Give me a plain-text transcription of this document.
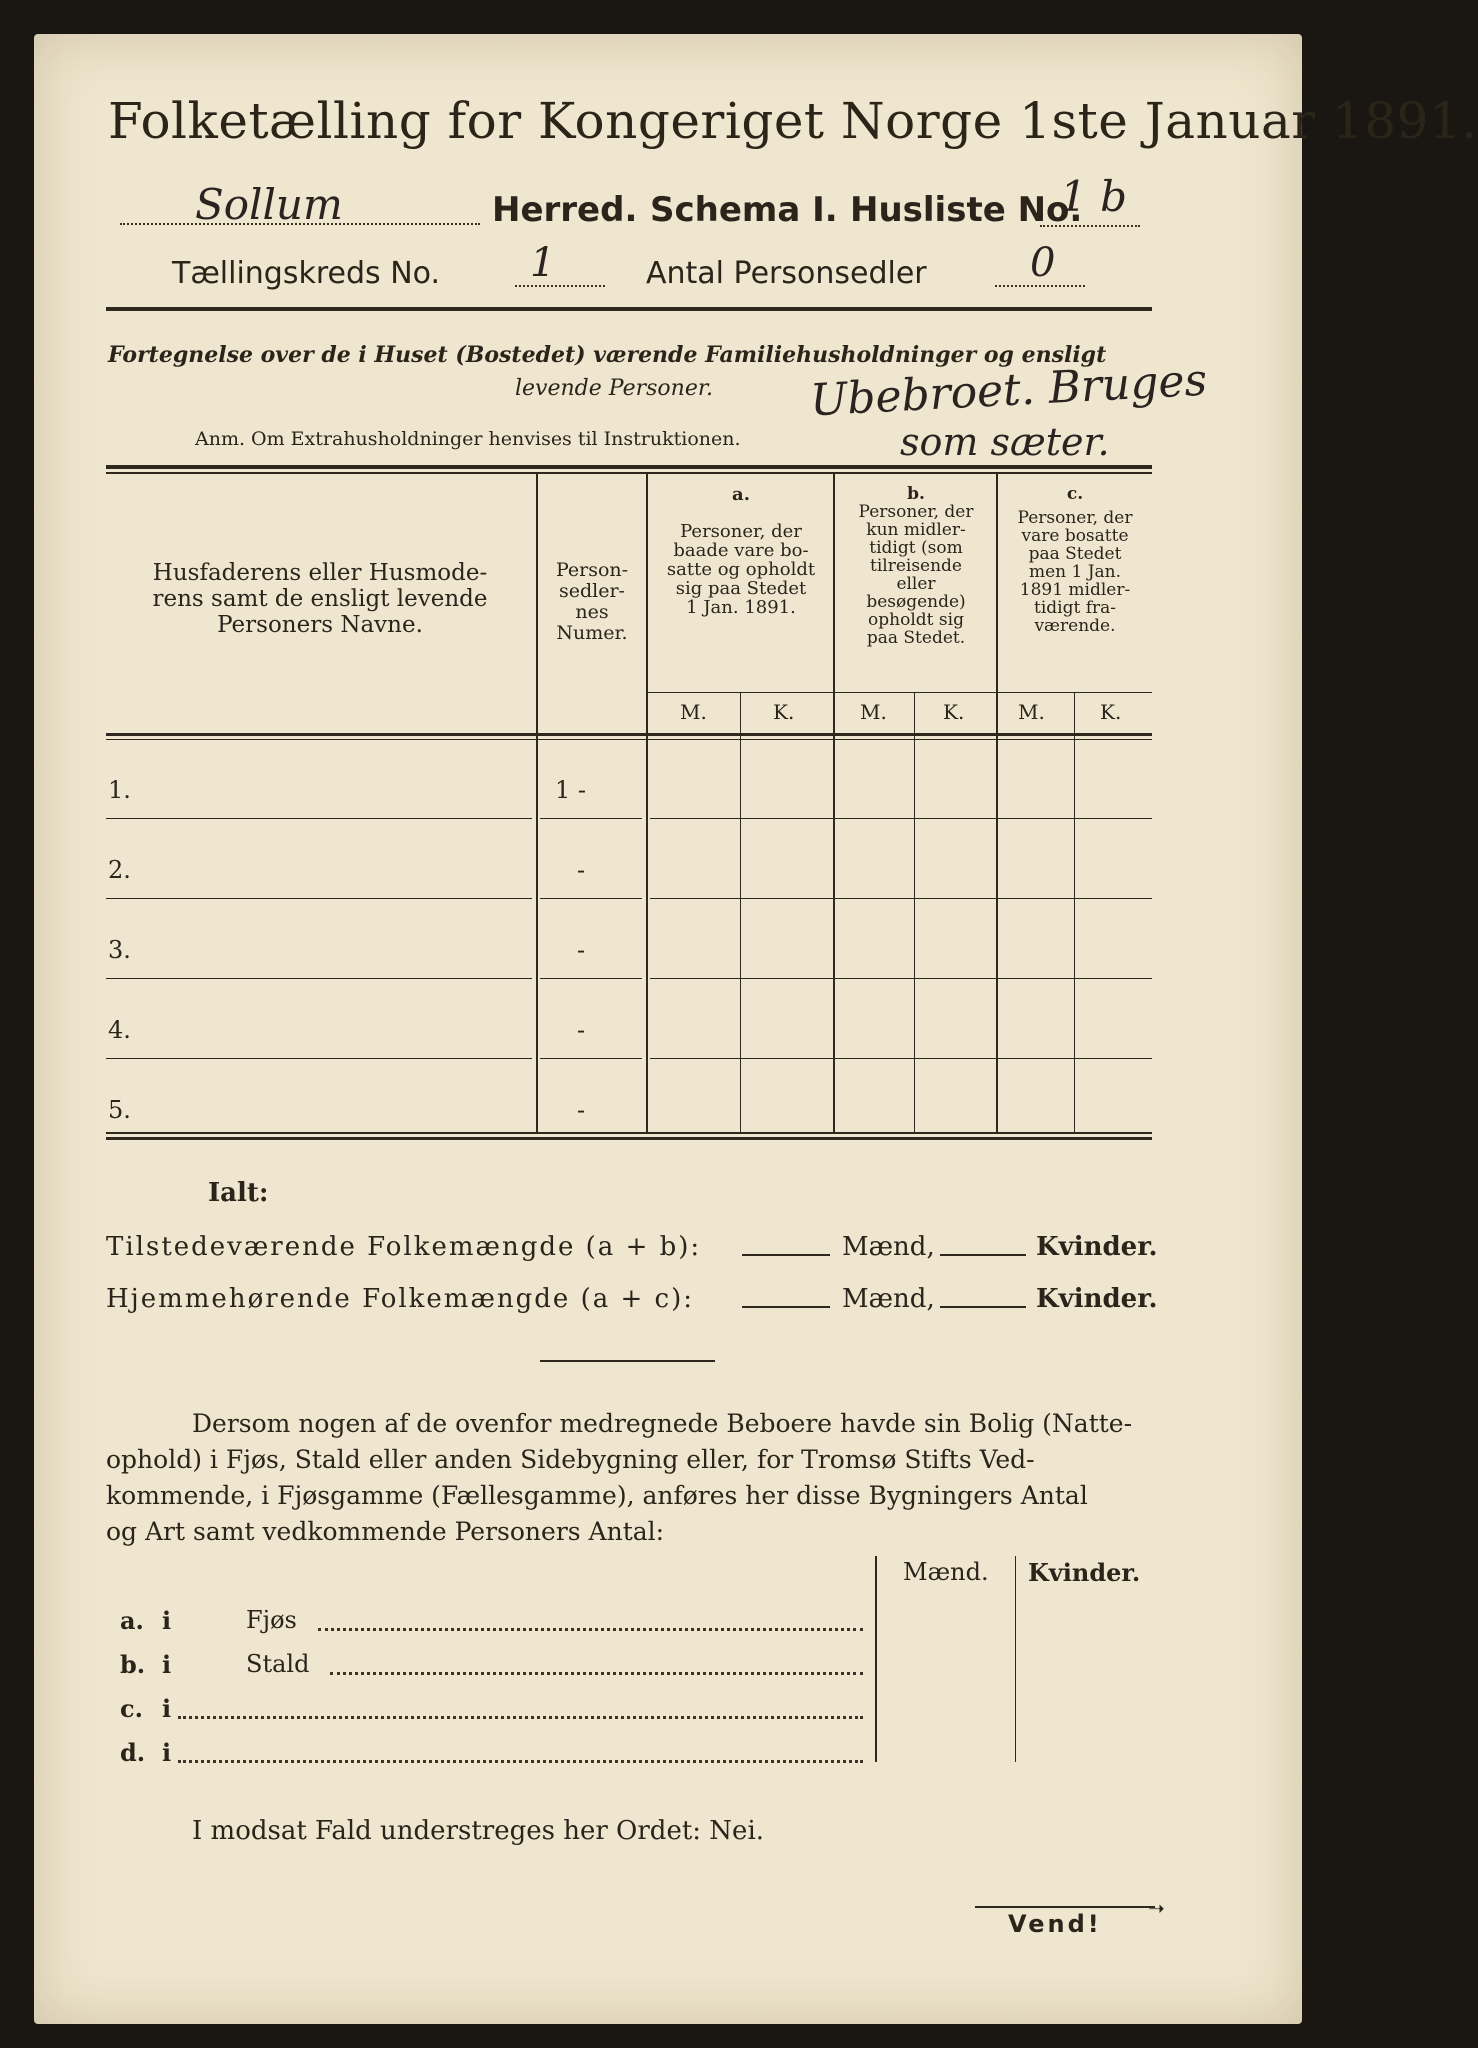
Folketælling for Kongeriget Norge 1ste Januar 1891.
Sollum	Herred. Schema I. Husliste No.
1 b
Tællingskreds No. 1	Antal Personsedler	0
Fortegnelse over de i Huset (Bostedet) værende Familiehusholdninger og ensligt
levende Personer. Ubebroet. Bruges
som sæter.
Anm. Om Extrahusholdninger henvises til Instruktionen.
Husfaderens eller Husmode-
rens samt de ensligt levende
Personers Navne.
Person-
sedler-
nes
Numer.
a.
Personer, der
baade vare bo-
satte og opholdt
sig paa Stedet
1 Jan. 1891.
b.
Personer, der
kun midler-
tidigt (som
tilreisende
eller
besøgende)
opholdt sig
paa Stedet.
c.
Personer, der
vare bosatte
paa Stedet
men 1 Jan.
1891 midler-
tidigt fra-
værende.
M.	K.	M.	K.	M.	K.
1.	1 -
2.	-
3.	-
4.	-
5.	-
Ialt:
Tilstedeværende Folkemængde (a + b):	Mænd,	Kvinder.
Hjemmehørende Folkemængde (a + c):	Mænd,	Kvinder.
Dersom nogen af de ovenfor medregnede Beboere havde sin Bolig (Natte-
ophold) i Fjøs, Stald eller anden Sidebygning eller, for Tromsø Stifts Ved-
kommende, i Fjøsgamme (Fællesgamme), anføres her disse Bygningers Antal
og Art samt vedkommende Personers Antal:
Mænd. Kvinder.
a. i	Fjøs
b. i	Stald
c. i
d. i
I modsat Fald understreges her Ordet: Nei.
➝
Vend!
